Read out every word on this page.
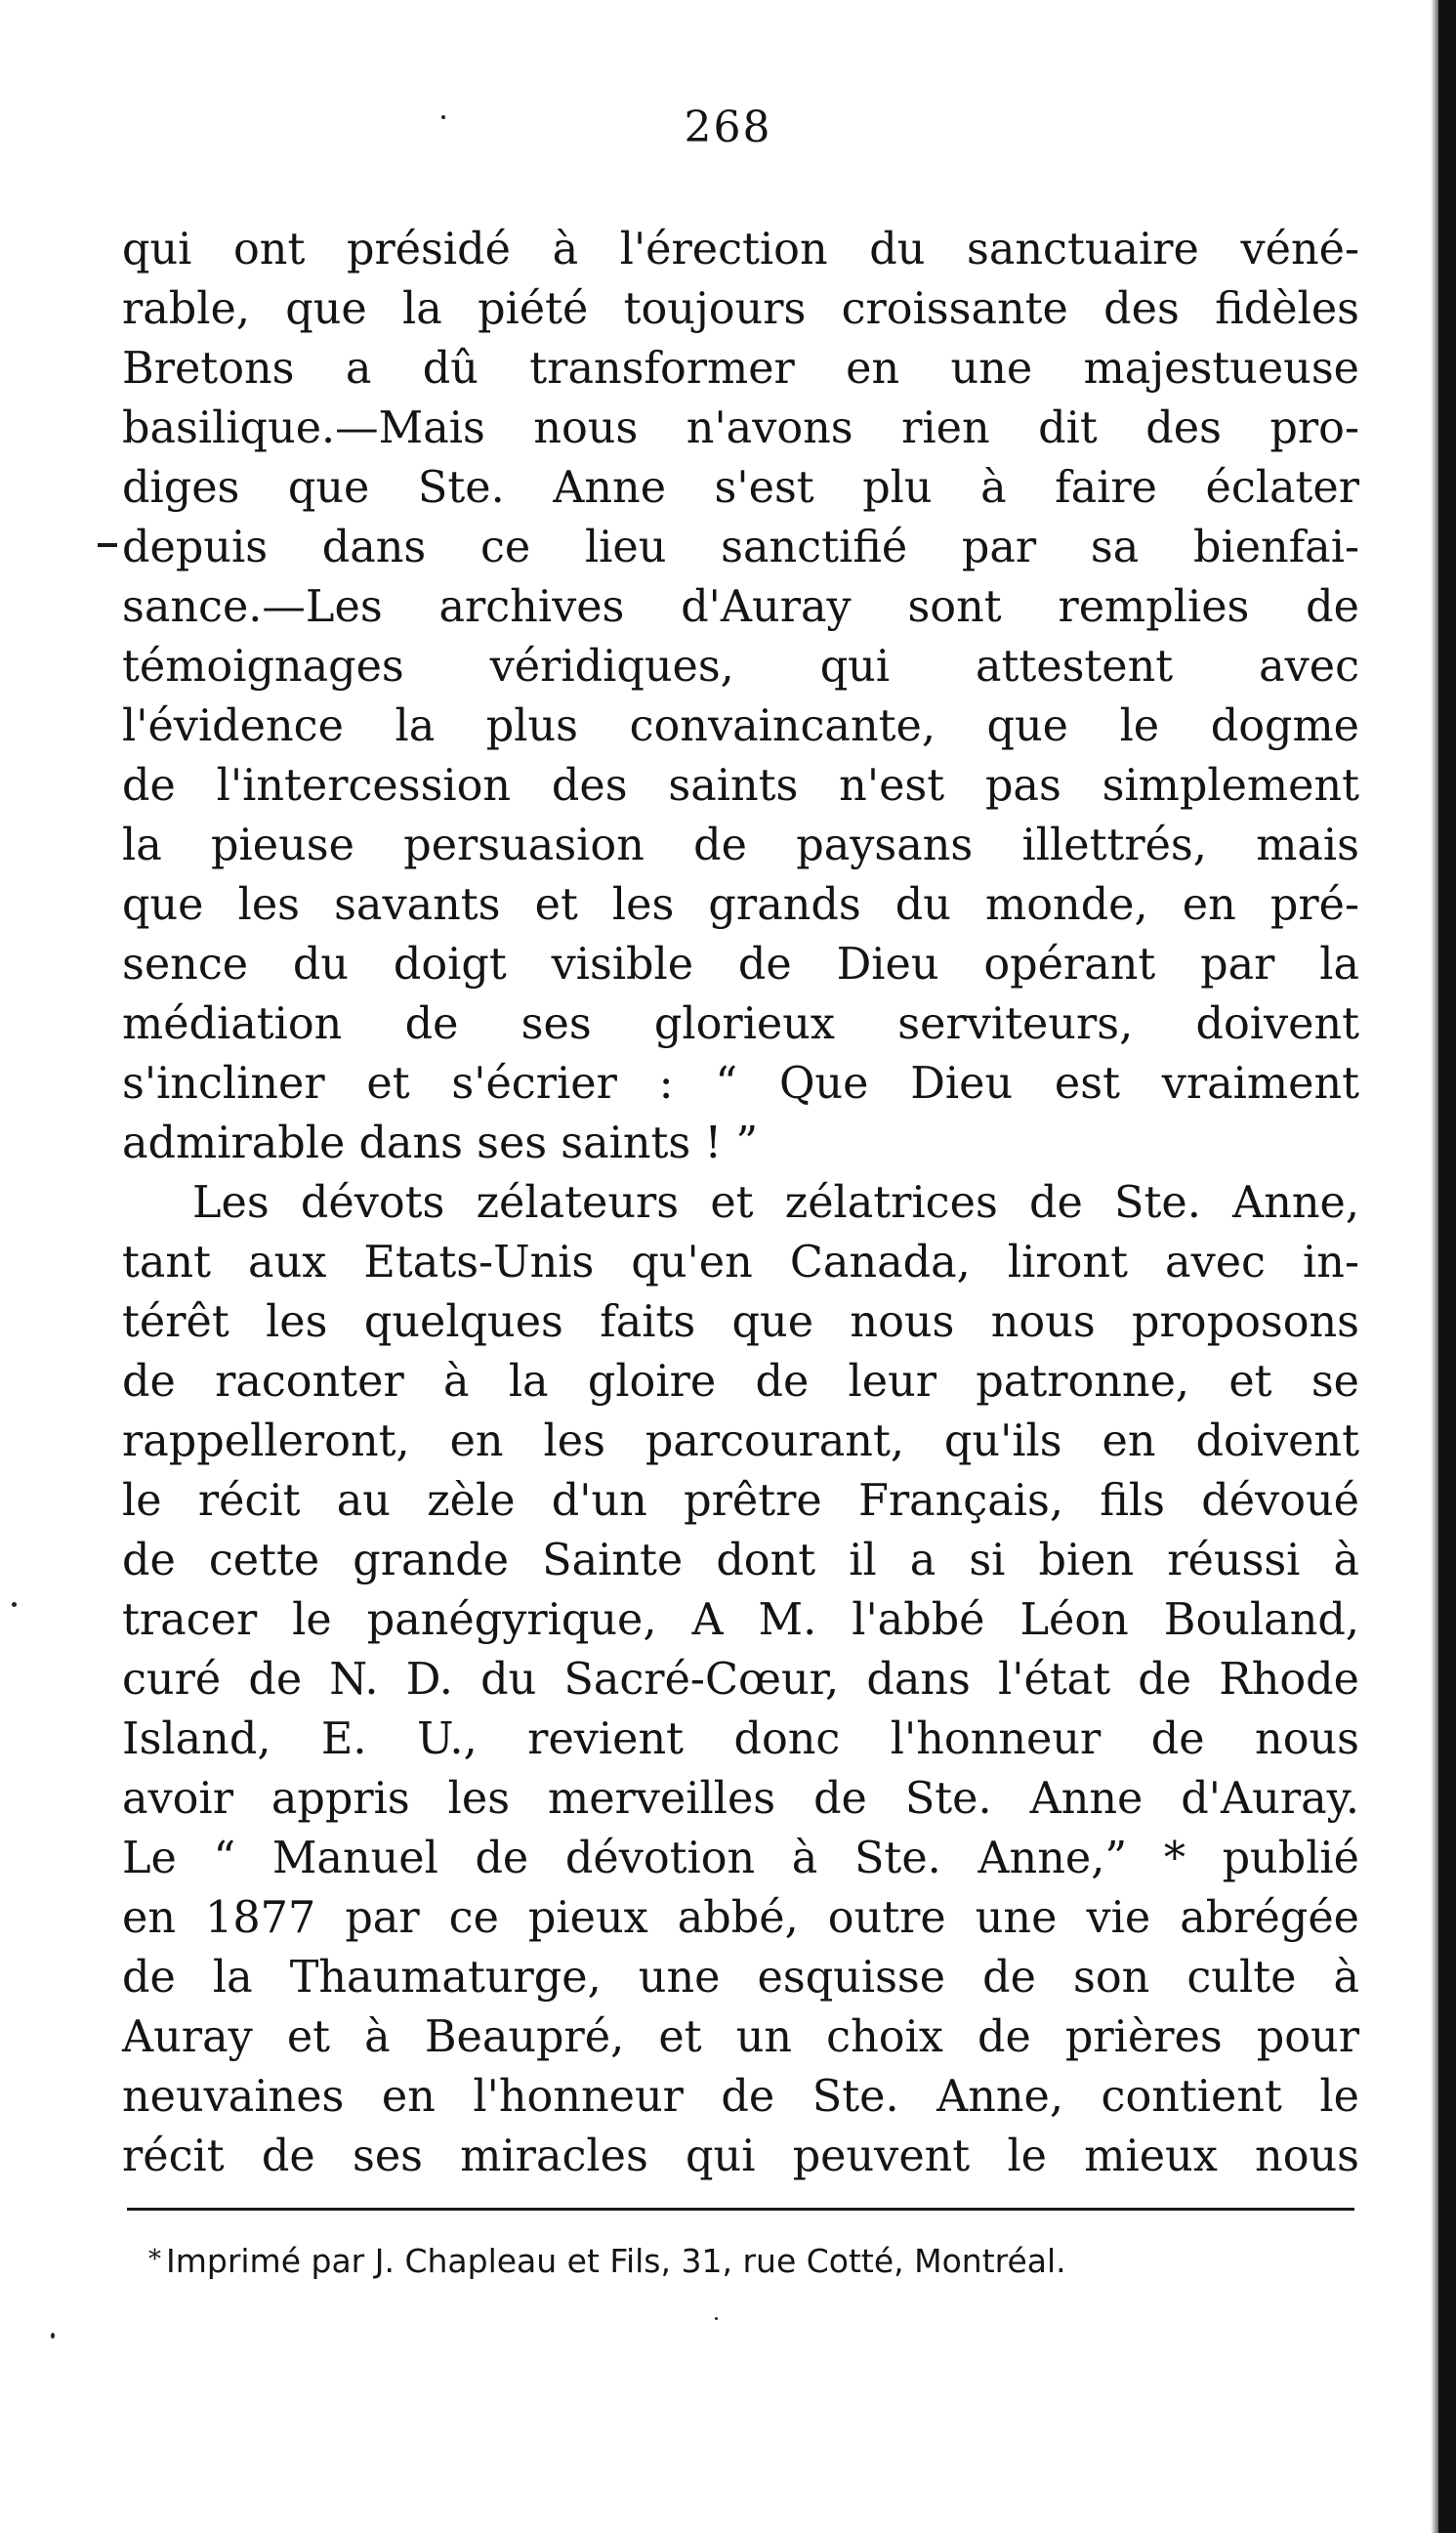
268
qui ont présidé à l'érection du sanctuaire véné-
rable, que la piété toujours croissante des fidèles
Bretons a dû transformer en une majestueuse
basilique.—Mais nous n'avons rien dit des pro-
diges que Ste. Anne s'est plu à faire éclater
depuis dans ce lieu sanctifié par sa bienfai-
sance.—Les archives d'Auray sont remplies de
témoignages véridiques, qui attestent avec
l'évidence la plus convaincante, que le dogme
de l'intercession des saints n'est pas simplement
la pieuse persuasion de paysans illettrés, mais
que les savants et les grands du monde, en pré-
sence du doigt visible de Dieu opérant par la
médiation de ses glorieux serviteurs, doivent
s'incliner et s'écrier : “ Que Dieu est vraiment
admirable dans ses saints ! ”
Les dévots zélateurs et zélatrices de Ste. Anne,
tant aux Etats-Unis qu'en Canada, liront avec in-
térêt les quelques faits que nous nous proposons
de raconter à la gloire de leur patronne, et se
rappelleront, en les parcourant, qu'ils en doivent
le récit au zèle d'un prêtre Français, fils dévoué
de cette grande Sainte dont il a si bien réussi à
tracer le panégyrique, A M. l'abbé Léon Bouland,
curé de N. D. du Sacré-Cœur, dans l'état de Rhode
Island, E. U., revient donc l'honneur de nous
avoir appris les merveilles de Ste. Anne d'Auray.
Le “ Manuel de dévotion à Ste. Anne,” * publié
en 1877 par ce pieux abbé, outre une vie abrégée
de la Thaumaturge, une esquisse de son culte à
Auray et à Beaupré, et un choix de prières pour
neuvaines en l'honneur de Ste. Anne, contient le
récit de ses miracles qui peuvent le mieux nous
* Imprimé par J. Chapleau et Fils, 31, rue Cotté, Montréal.
